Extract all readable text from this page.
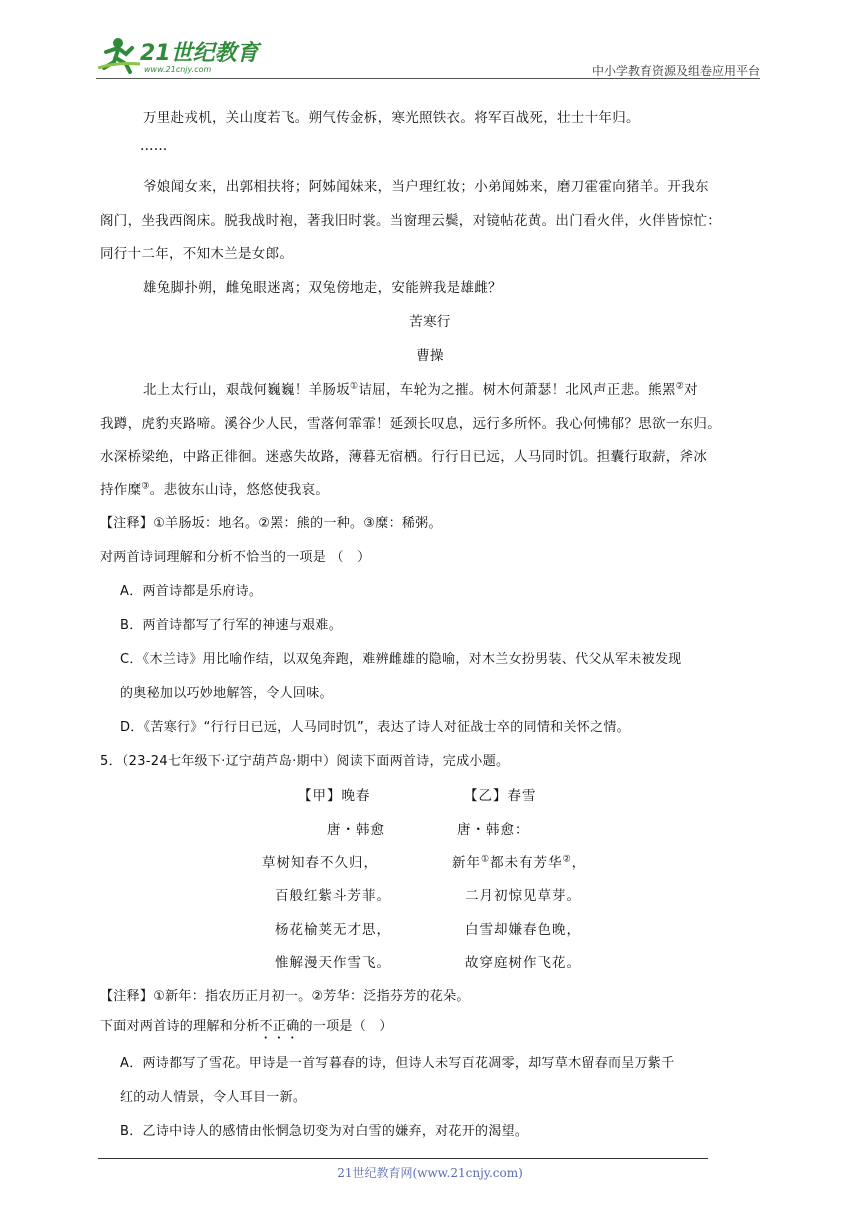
21世纪教育
www.21cnjy.com	中小学教育资源及组卷应用平台
万里赴戎机，关山度若飞。朔气传金柝，寒光照铁衣。将军百战死，壮士十年归。
……
爷娘闻女来，出郭相扶将；阿姊闻妹来，当户理红妆；小弟闻姊来，磨刀霍霍向猪羊。开我东
阁门，坐我西阁床。脱我战时袍，著我旧时裳。当窗理云鬓，对镜帖花黄。出门看火伴，火伴皆惊忙：
同行十二年，不知木兰是女郎。
雄兔脚扑朔，雌兔眼迷离；双兔傍地走，安能辨我是雄雌？
苦寒行
曹操
北上太行山，艰哉何巍巍！羊肠坂①诘屈，车轮为之摧。树木何萧瑟！北风声正悲。熊罴②对
我蹲，虎豹夹路啼。溪谷少人民，雪落何霏霏！延颈长叹息，远行多所怀。我心何怫郁？思欲一东归。
水深桥梁绝，中路正徘徊。迷惑失故路，薄暮无宿栖。行行日已远，人马同时饥。担囊行取薪，斧冰
持作糜③。悲彼东山诗，悠悠使我哀。
【注释】①羊肠坂：地名。②罴：熊的一种。③糜：稀粥。
对两首诗词理解和分析不恰当的一项是 （　）
A．两首诗都是乐府诗。
B．两首诗都写了行军的神速与艰难。
C．《木兰诗》用比喻作结，以双兔奔跑，难辨雌雄的隐喻，对木兰女扮男装、代父从军未被发现
的奥秘加以巧妙地解答，令人回味。
D．《苦寒行》“行行日已远，人马同时饥”，表达了诗人对征战士卒的同情和关怀之情。
5．（23-24七年级下·辽宁葫芦岛·期中）阅读下面两首诗，完成小题。
【甲】晚春	【乙】春雪
唐・韩愈	唐・韩愈：
草树知春不久归，	新年①都未有芳华②，
百般红紫斗芳菲。	二月初惊见草芽。
杨花榆荚无才思，	白雪却嫌春色晚，
惟解漫天作雪飞。	故穿庭树作飞花。
【注释】①新年：指农历正月初一。②芳华：泛指芬芳的花朵。
下面对两首诗的理解和分析不正确的一项是（　）
A．两诗都写了雪花。甲诗是一首写暮春的诗，但诗人未写百花凋零，却写草木留春而呈万紫千
红的动人情景，令人耳目一新。
B．乙诗中诗人的感情由怅惘急切变为对白雪的嫌弃，对花开的渴望。
21世纪教育网(www.21cnjy.com)
